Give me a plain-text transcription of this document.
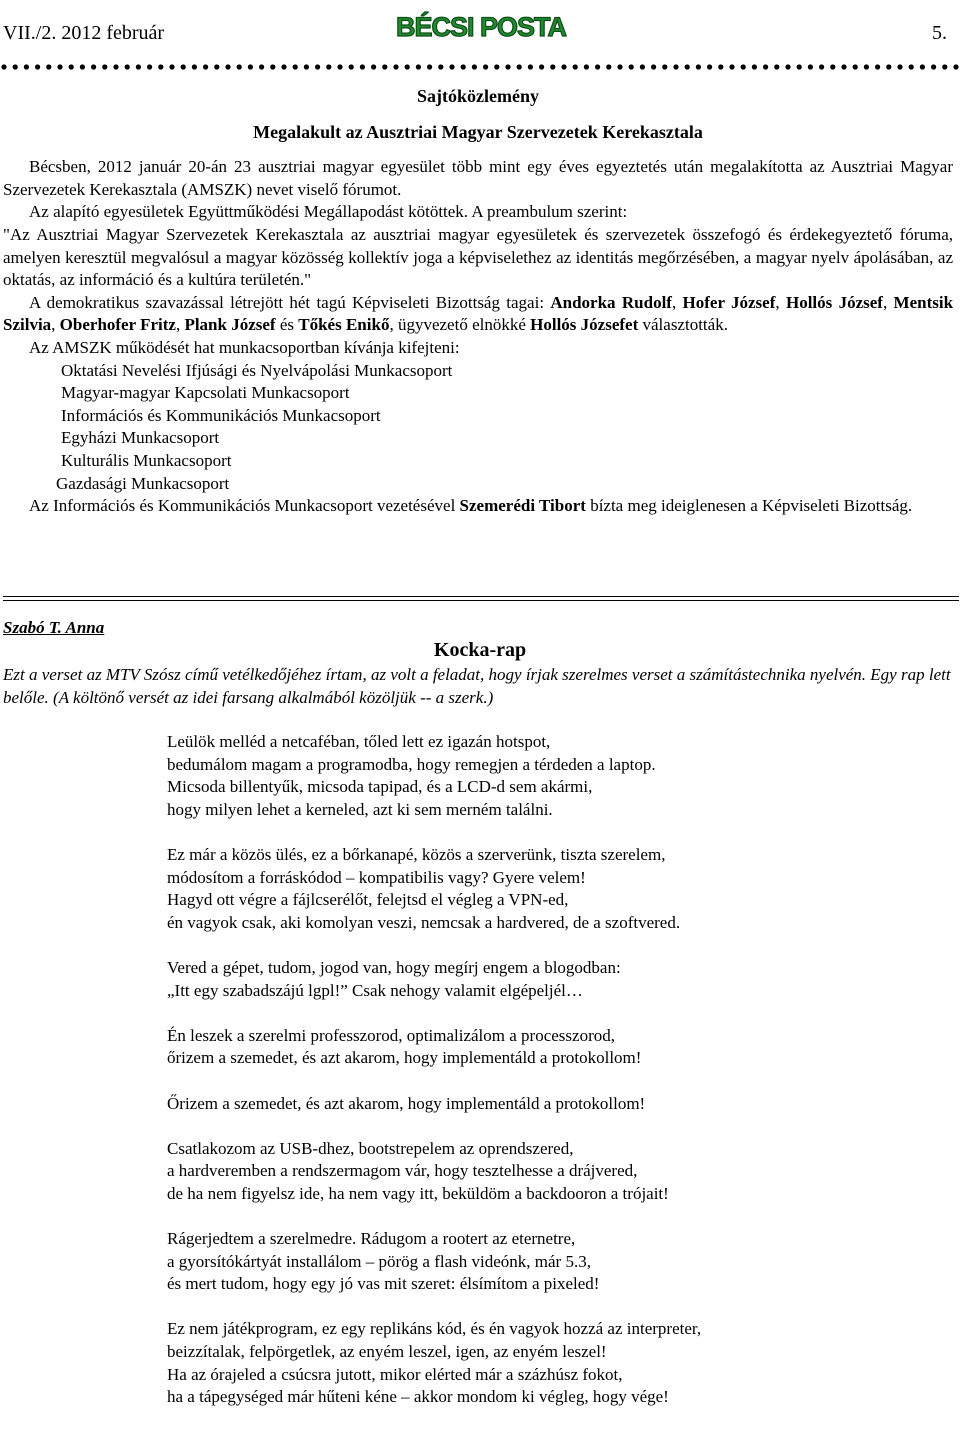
VII./2. 2012 február	BÉCSI POSTA	5.
Sajtóközlemény
Megalakult az Ausztriai Magyar Szervezetek Kerekasztala

Bécsben, 2012 január 20-án 23 ausztriai magyar egyesület több mint egy éves egyeztetés után megalakította az Ausztriai Magyar Szervezetek Kerekasztala (AMSZK) nevet viselő fórumot.

Az alapító egyesületek Együttműködési Megállapodást kötöttek. A preambulum szerint:

"Az Ausztriai Magyar Szervezetek Kerekasztala az ausztriai magyar egyesületek és szervezetek összefogó és érdekegyeztető fóruma, amelyen keresztül megvalósul a magyar közösség kollektív joga a képviselethez az identitás megőrzésében, a magyar nyelv ápolásában, az oktatás, az információ és a kultúra területén."

A demokratikus szavazással létrejött hét tagú Képviseleti Bizottság tagai: Andorka Rudolf, Hofer József, Hollós József, Mentsik Szilvia, Oberhofer Fritz, Plank József és Tőkés Enikő, ügyvezető elnökké Hollós Józsefet választották.

Az AMSZK működését hat munkacsoportban kívánja kifejteni:

Oktatási Nevelési Ifjúsági és Nyelvápolási Munkacsoport
Magyar-magyar Kapcsolati Munkacsoport
Információs és Kommunikációs Munkacsoport
Egyházi Munkacsoport
Kulturális Munkacsoport
Gazdasági Munkacsoport

Az Információs és Kommunikációs Munkacsoport vezetésével Szemerédi Tibort bízta meg ideiglenesen a Képviseleti Bizottság.

Szabó T. Anna
Kocka-rap
Ezt a verset az MTV Szósz című vetélkedőjéhez írtam, az volt a feladat, hogy írjak szerelmes verset a számítástechnika nyelvén. Egy rap lett belőle. (A költönő versét az idei farsang alkalmából közöljük -- a szerk.)

Leülök melléd a netcaféban, tőled lett ez igazán hotspot,

bedumálom magam a programodba, hogy remegjen a térdeden a laptop.

Micsoda billentyűk, micsoda tapipad, és a LCD-d sem akármi,

hogy milyen lehet a kerneled, azt ki sem merném találni.

Ez már a közös ülés, ez a bőrkanapé, közös a szerverünk, tiszta szerelem,

módosítom a forráskódod – kompatibilis vagy? Gyere velem!

Hagyd ott végre a fájlcserélőt, felejtsd el végleg a VPN-ed,

én vagyok csak, aki komolyan veszi, nemcsak a hardvered, de a szoftvered.

Vered a gépet, tudom, jogod van, hogy megírj engem a blogodban:

„Itt egy szabadszájú lgpl!” Csak nehogy valamit elgépeljél…

Én leszek a szerelmi professzorod, optimalizálom a processzorod,

őrizem a szemedet, és azt akarom, hogy implementáld a protokollom!

Őrizem a szemedet, és azt akarom, hogy implementáld a protokollom!

Csatlakozom az USB-dhez, bootstrepelem az oprendszered,

a hardveremben a rendszermagom vár, hogy tesztelhesse a drájvered,

de ha nem figyelsz ide, ha nem vagy itt, beküldöm a backdooron a trójait!

Rágerjedtem a szerelmedre. Rádugom a rootert az eternetre,

a gyorsítókártyát installálom – pörög a flash videónk, már 5.3,

és mert tudom, hogy egy jó vas mit szeret: élsímítom a pixeled!

Ez nem játékprogram, ez egy replikáns kód, és én vagyok hozzá az interpreter,

beizzítalak, felpörgetlek, az enyém leszel, igen, az enyém leszel!

Ha az órajeled a csúcsra jutott, mikor elérted már a százhúsz fokot,

ha a tápegységed már hűteni kéne – akkor mondom ki végleg, hogy vége!
